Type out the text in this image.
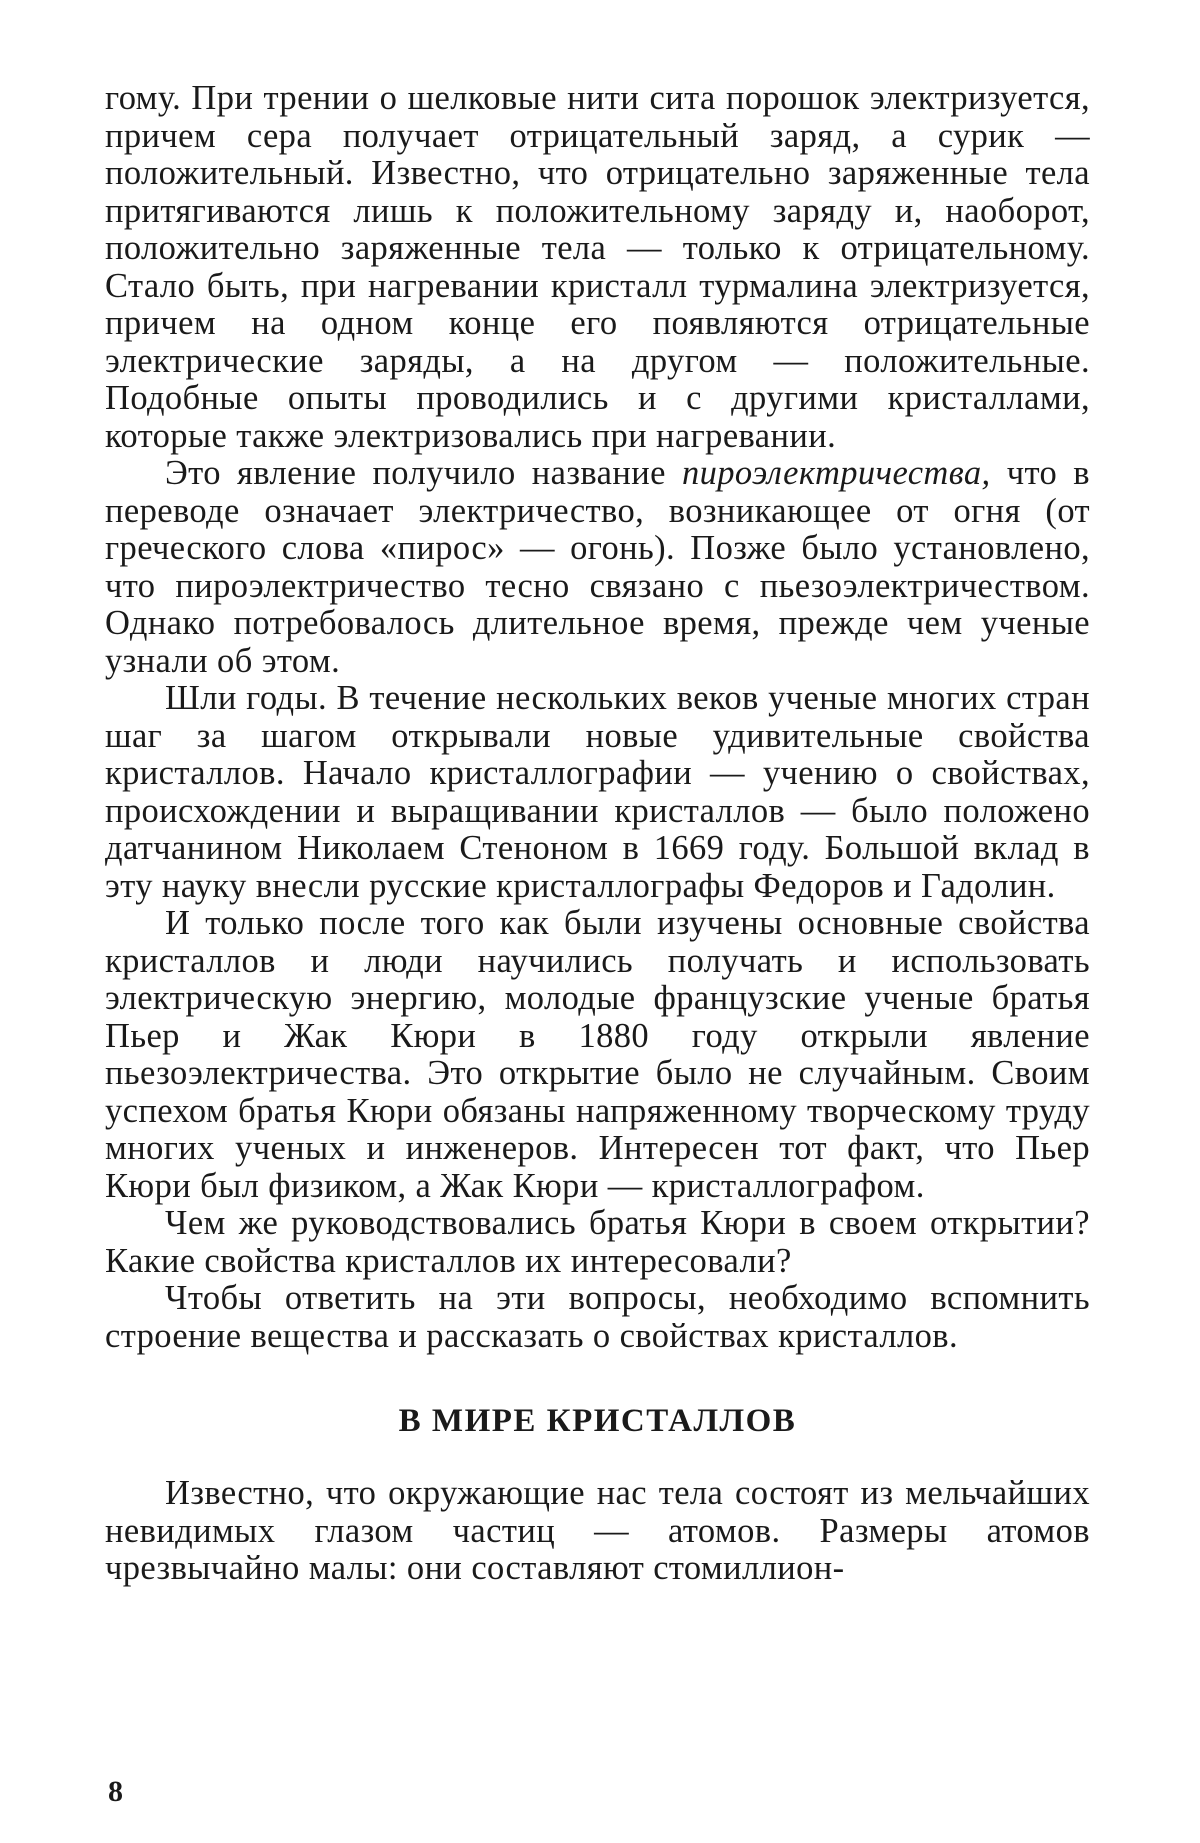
гому. При трении о шелковые нити сита порошок электризуется, причем сера получает отрицательный заряд, а сурик — положительный. Известно, что отрицательно заряженные тела притягиваются лишь к положительному заряду и, наоборот, положительно заряженные тела — только к отрицательному. Стало быть, при нагревании кристалл турмалина электризуется, причем на одном конце его появляются отрицательные электрические заряды, а на другом — положительные. Подобные опыты проводились и с другими кристаллами, которые также электризовались при нагревании.

Это явление получило название пироэлектричества, что в переводе означает электричество, возникающее от огня (от греческого слова «пирос» — огонь). Позже было установлено, что пироэлектричество тесно связано с пьезоэлектричеством. Однако потребовалось длительное время, прежде чем ученые узнали об этом.

Шли годы. В течение нескольких веков ученые многих стран шаг за шагом открывали новые удивительные свойства кристаллов. Начало кристаллографии — учению о свойствах, происхождении и выращивании кристаллов — было положено датчанином Николаем Стеноном в 1669 году. Большой вклад в эту науку внесли русские кристаллографы Федоров и Гадолин.

И только после того как были изучены основные свойства кристаллов и люди научились получать и использовать электрическую энергию, молодые французские ученые братья Пьер и Жак Кюри в 1880 году открыли явление пьезоэлектричества. Это открытие было не случайным. Своим успехом братья Кюри обязаны напряженному творческому труду многих ученых и инженеров. Интересен тот факт, что Пьер Кюри был физиком, а Жак Кюри — кристаллографом.

Чем же руководствовались братья Кюри в своем открытии? Какие свойства кристаллов их интересовали?

Чтобы ответить на эти вопросы, необходимо вспомнить строение вещества и рассказать о свойствах кристаллов.

В МИРЕ КРИСТАЛЛОВ

Известно, что окружающие нас тела состоят из мельчайших невидимых глазом частиц — атомов. Размеры атомов чрезвычайно малы: они составляют стомиллион-

8
